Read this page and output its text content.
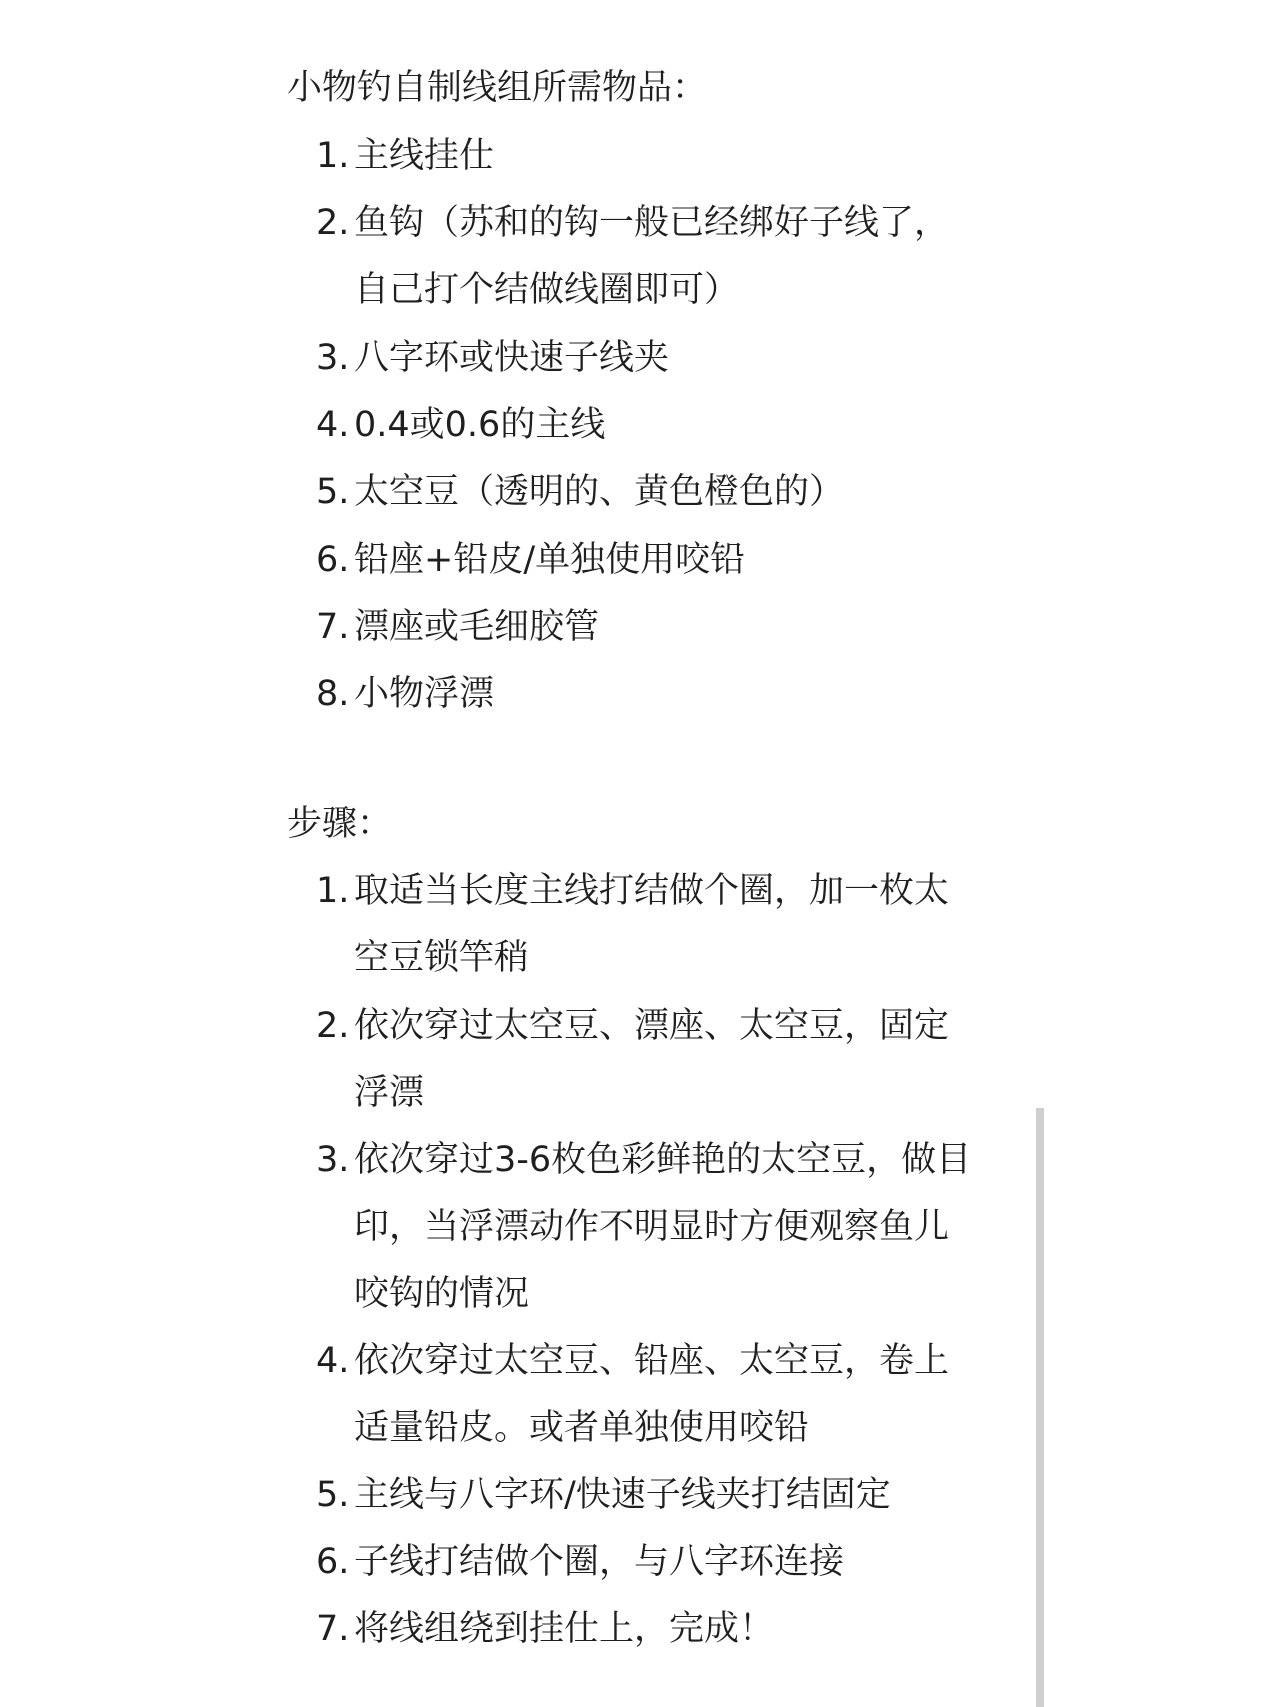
小物钓自制线组所需物品：
1. 主线挂仕
2. 鱼钩（苏和的钩一般已经绑好子线了，
自己打个结做线圈即可）
3. 八字环或快速子线夹
4. 0.4或0.6的主线
5. 太空豆（透明的、黄色橙色的）
6. 铅座+铅皮/单独使用咬铅
7. 漂座或毛细胶管
8. 小物浮漂
步骤：
1. 取适当长度主线打结做个圈，加一枚太
空豆锁竿稍
2. 依次穿过太空豆、漂座、太空豆，固定
浮漂
3. 依次穿过3-6枚色彩鲜艳的太空豆，做目
印，当浮漂动作不明显时方便观察鱼儿
咬钩的情况
4. 依次穿过太空豆、铅座、太空豆，卷上
适量铅皮。或者单独使用咬铅
5. 主线与八字环/快速子线夹打结固定
6. 子线打结做个圈，与八字环连接
7. 将线组绕到挂仕上，完成！
